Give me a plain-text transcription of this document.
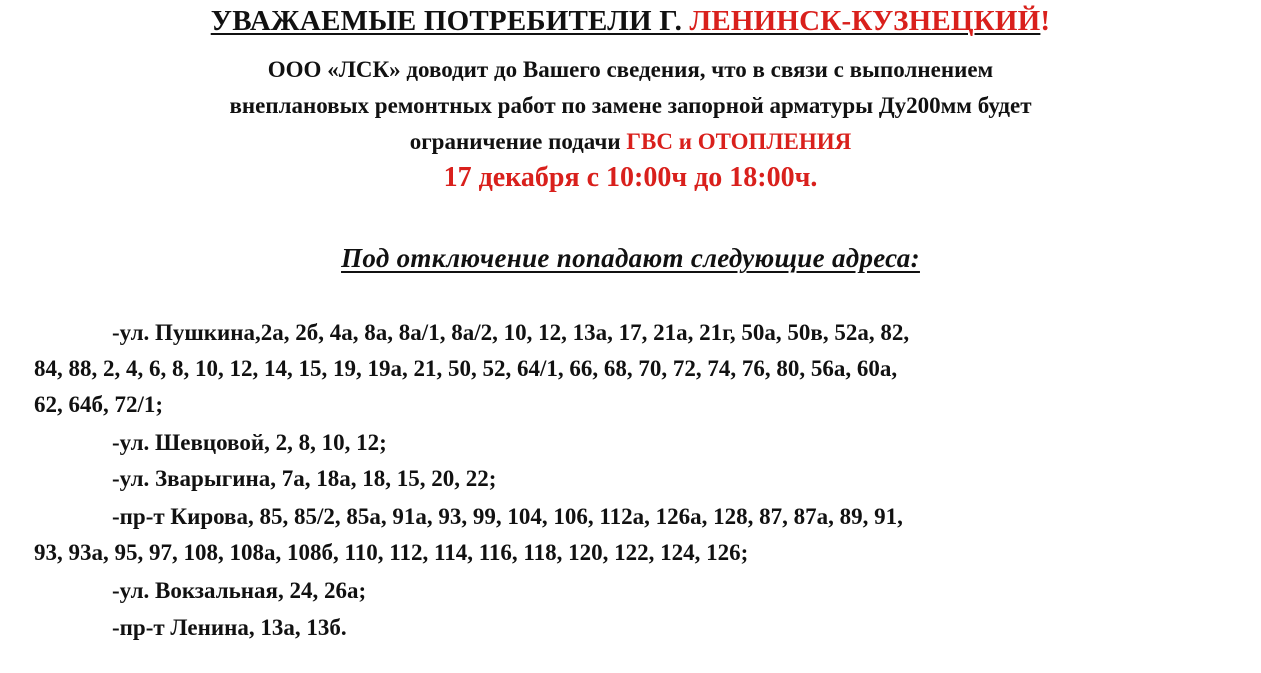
УВАЖАЕМЫЕ ПОТРЕБИТЕЛИ Г. ЛЕНИНСК-КУЗНЕЦКИЙ!
ООО «ЛСК» доводит до Вашего сведения, что в связи с выполнением
внеплановых ремонтных работ по замене запорной арматуры Ду200мм будет
ограничение подачи ГВС и ОТОПЛЕНИЯ
17 декабря с 10:00ч до 18:00ч.
Под отключение попадают следующие адреса:
-ул. Пушкина,2а, 2б, 4а, 8а, 8а/1, 8а/2, 10, 12, 13а, 17, 21а, 21г, 50а, 50в, 52а, 82,
84, 88, 2, 4, 6, 8, 10, 12, 14, 15, 19, 19а, 21, 50, 52, 64/1, 66, 68, 70, 72, 74, 76, 80, 56а, 60а,
62, 64б, 72/1;
-ул. Шевцовой, 2, 8, 10, 12;
-ул. Зварыгина, 7а, 18а, 18, 15, 20, 22;
-пр-т Кирова, 85, 85/2, 85а, 91а, 93, 99, 104, 106, 112а, 126а, 128, 87, 87а, 89, 91,
93, 93а, 95, 97, 108, 108а, 108б, 110, 112, 114, 116, 118, 120, 122, 124, 126;
-ул. Вокзальная, 24, 26а;
-пр-т Ленина, 13а, 13б.
